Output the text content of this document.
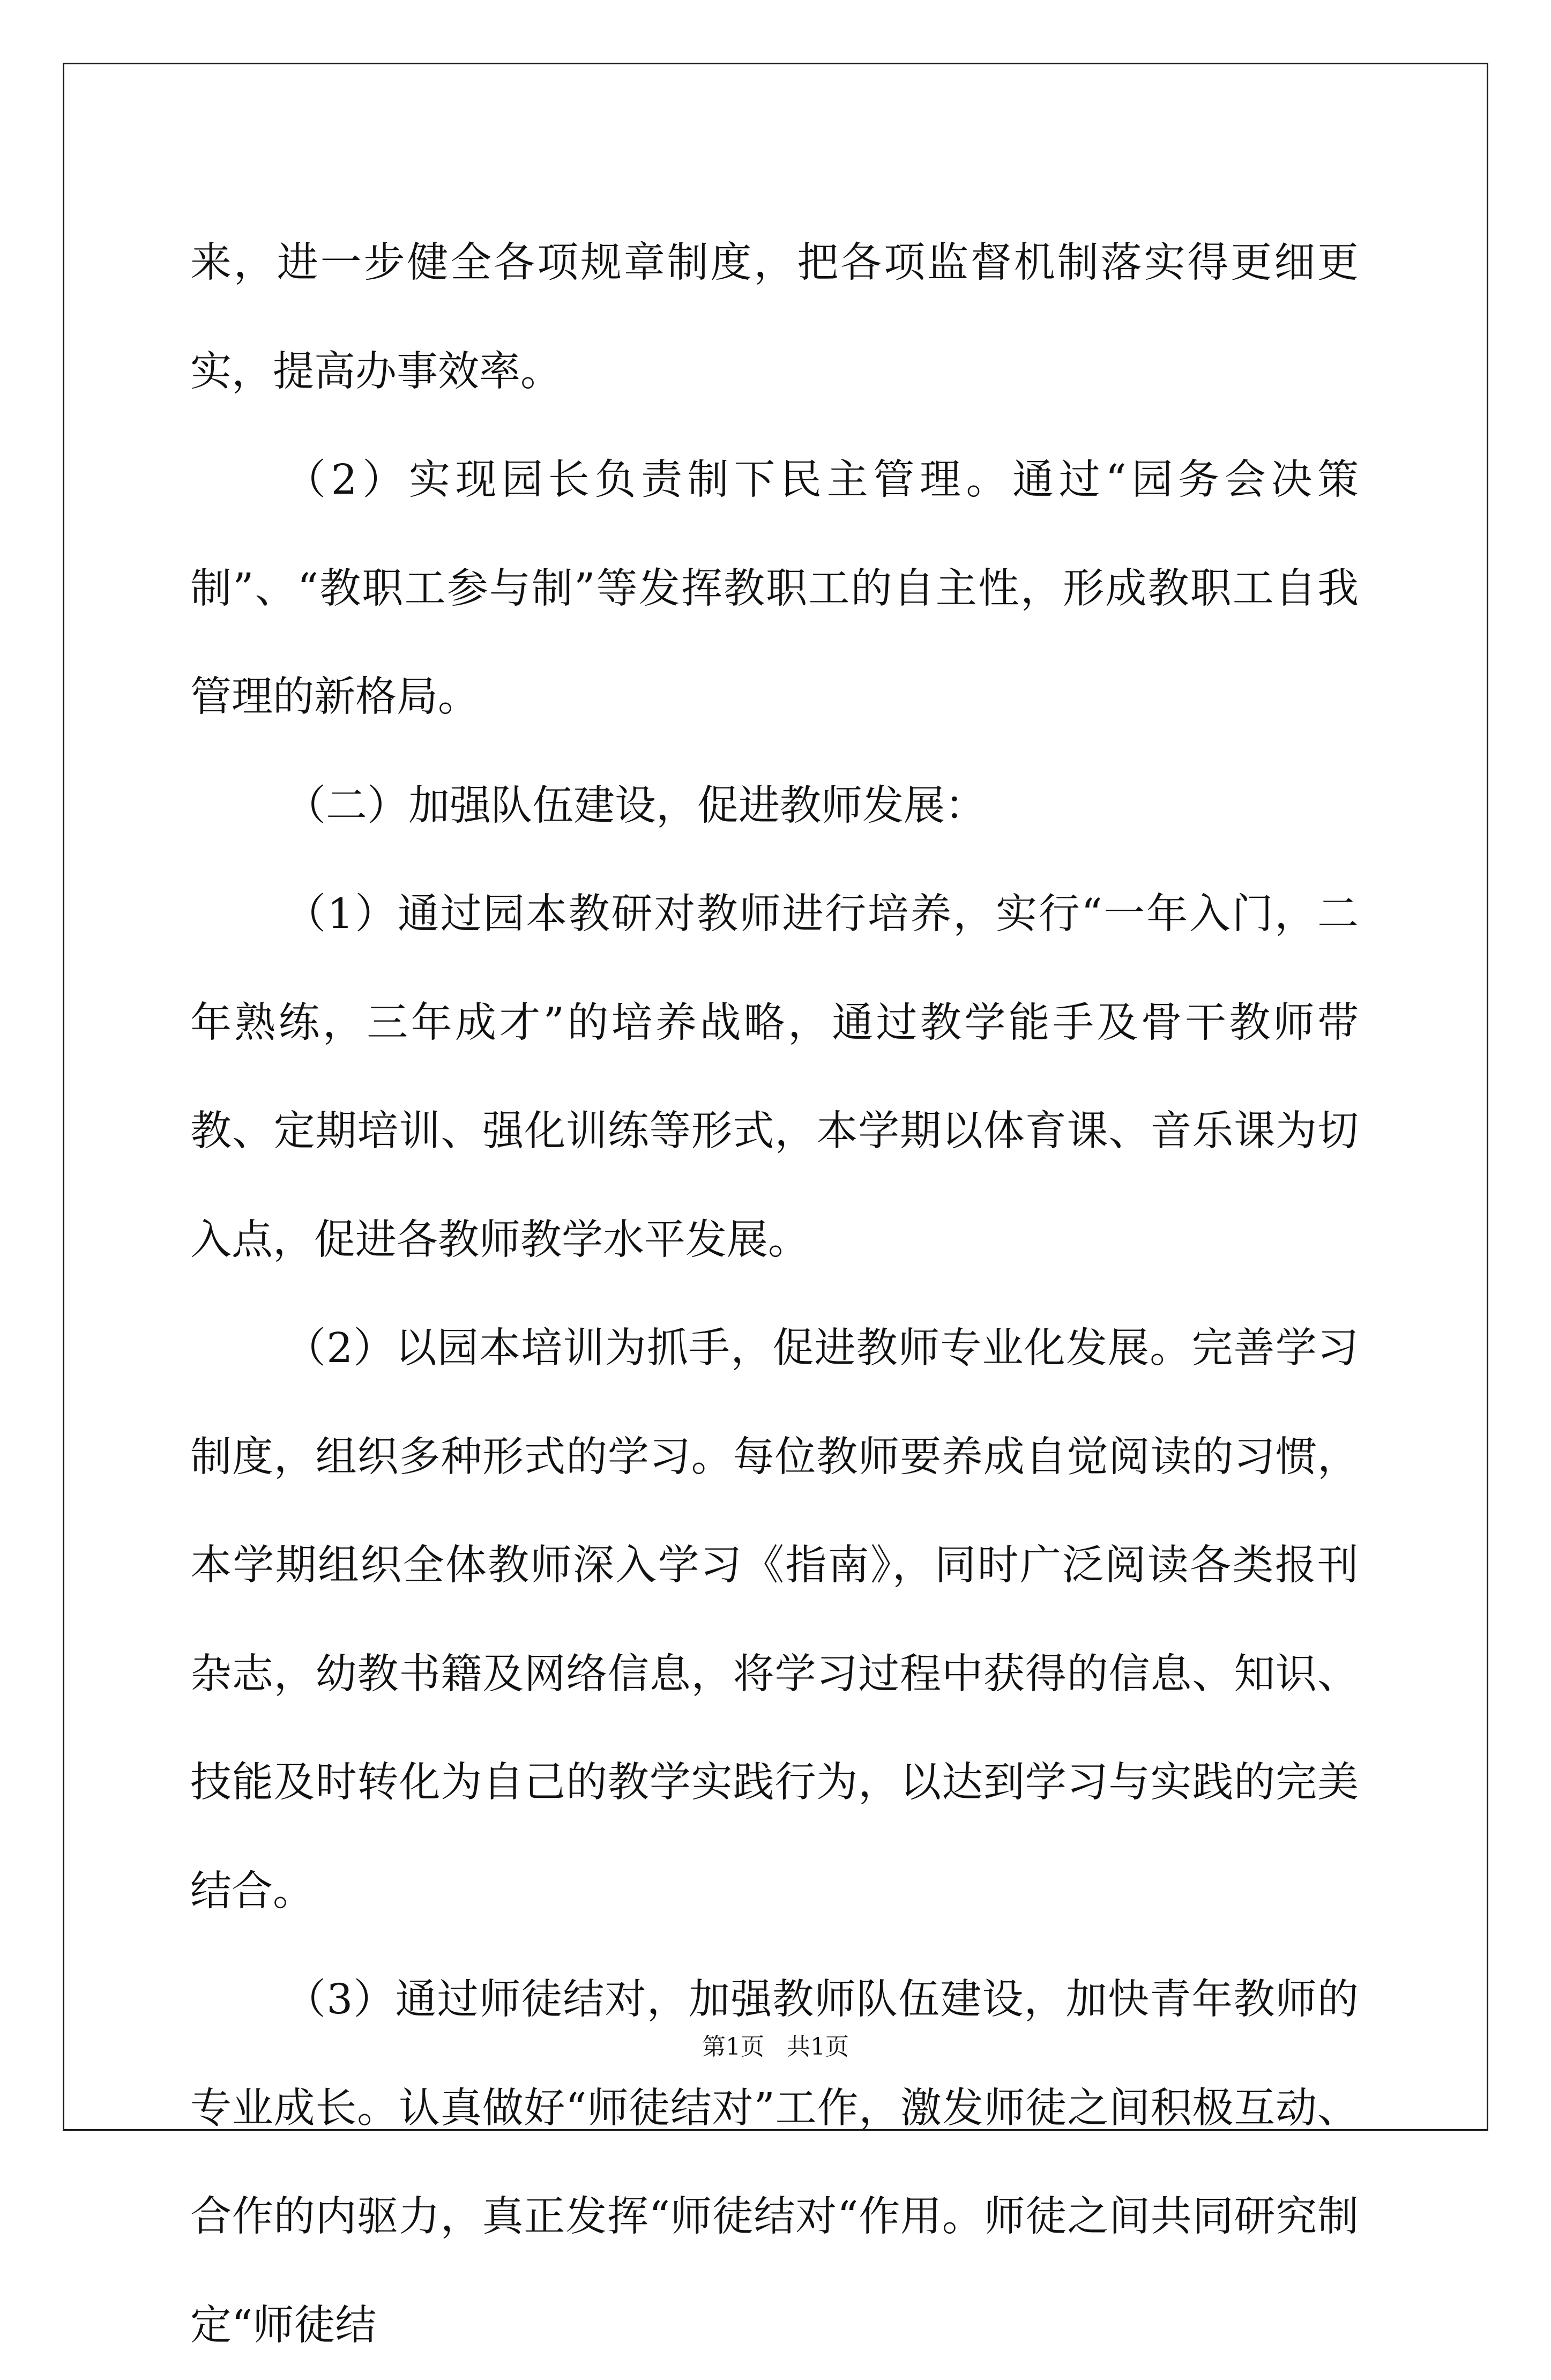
来，进一步健全各项规章制度，把各项监督机制落实得更细更实，提高办事效率。

（2）实现园长负责制下民主管理。通过“园务会决策制”、“教职工参与制”等发挥教职工的自主性，形成教职工自我管理的新格局。

（二）加强队伍建设，促进教师发展：

（1）通过园本教研对教师进行培养，实行“一年入门，二年熟练，三年成才”的培养战略，通过教学能手及骨干教师带教、定期培训、强化训练等形式，本学期以体育课、音乐课为切入点，促进各教师教学水平发展。

（2）以园本培训为抓手，促进教师专业化发展。完善学习制度，组织多种形式的学习。每位教师要养成自觉阅读的习惯，本学期组织全体教师深入学习《指南》，同时广泛阅读各类报刊杂志，幼教书籍及网络信息，将学习过程中获得的信息、知识、技能及时转化为自己的教学实践行为，以达到学习与实践的完美结合。

（3）通过师徒结对，加强教师队伍建设，加快青年教师的专业成长。认真做好“师徒结对”工作，激发师徒之间积极互动、合作的内驱力，真正发挥“师徒结对“作用。师徒之间共同研究制定“师徒结

第1页   共1页
